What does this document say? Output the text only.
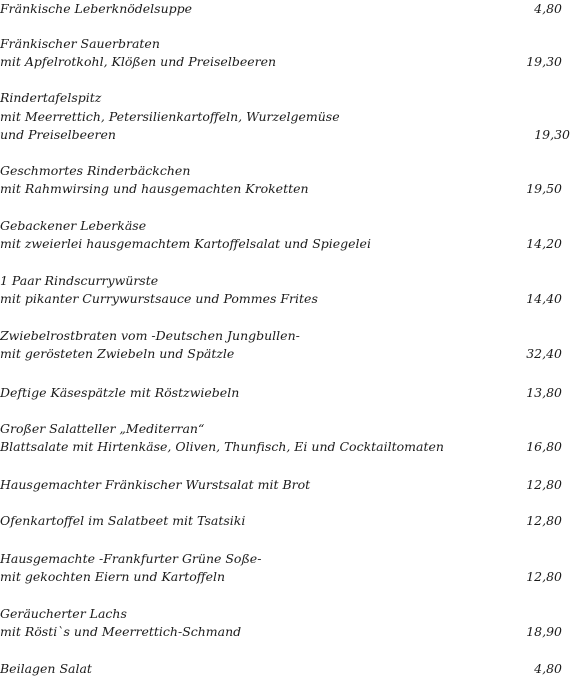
Fränkische Leberknödelsuppe	4,80
Fränkischer Sauerbraten
mit Apfelrotkohl, Klößen und Preiselbeeren	19,30
Rindertafelspitz
mit Meerrettich, Petersilienkartoffeln, Wurzelgemüse
und Preiselbeeren	19,30
Geschmortes Rinderbäckchen
mit Rahmwirsing und hausgemachten Kroketten	19,50
Gebackener Leberkäse
mit zweierlei hausgemachtem Kartoffelsalat und Spiegelei	14,20
1 Paar Rindscurrywürste
mit pikanter Currywurstsauce und Pommes Frites	14,40
Zwiebelrostbraten vom -Deutschen Jungbullen-
mit gerösteten Zwiebeln und Spätzle	32,40
Deftige Käsespätzle mit Röstzwiebeln	13,80
Großer Salatteller „Mediterran“
Blattsalate mit Hirtenkäse, Oliven, Thunfisch, Ei und Cocktailtomaten	16,80
Hausgemachter Fränkischer Wurstsalat mit Brot	12,80
Ofenkartoffel im Salatbeet mit Tsatsiki	12,80
Hausgemachte -Frankfurter Grüne Soße-
mit gekochten Eiern und Kartoffeln	12,80
Geräucherter Lachs
mit Rösti`s und Meerrettich-Schmand	18,90
Beilagen Salat	4,80
